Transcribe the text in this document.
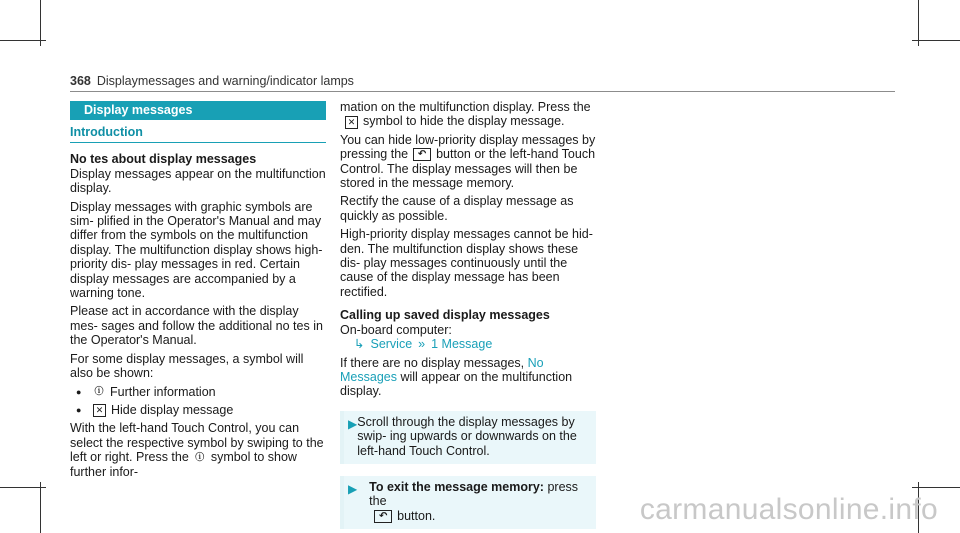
368 Displaymessages and warning/indicator lamps
Display messages
Introduction

No tes about display messages

Display messages appear on the multifunction display.

Display messages with graphic symbols are sim- plified in the Operator's Manual and may differ from the symbols on the multifunction display. The multifunction display shows high-priority dis- play messages in red. Certain display messages are accompanied by a warning tone.

Please act in accordance with the display mes- sages and follow the additional no tes in the Operator's Manual.

For some display messages, a symbol will also be shown:

●	ⓘ Further information
●	✕ Hide display message

With the left-hand Touch Control, you can select the respective symbol by swiping to the left or right. Press the ⓘ symbol to show further infor-

mation on the multifunction display. Press the ✕ symbol to hide the display message.

You can hide low-priority display messages by pressing the ↶ button or the left-hand Touch Control. The display messages will then be stored in the message memory.

Rectify the cause of a display message as quickly as possible.

High-priority display messages cannot be hid- den. The multifunction display shows these dis- play messages continuously until the cause of the display message has been rectified.

Calling up saved display messages

On-board computer:

↳ Service » 1 Message

If there are no display messages, No Messages will appear on the multifunction display.

▶ Scroll through the display messages by swip- ing upwards or downwards on the left-hand Touch Control.
▶ To exit the message memory: press the
↶ button.	carmanualsonline.info
